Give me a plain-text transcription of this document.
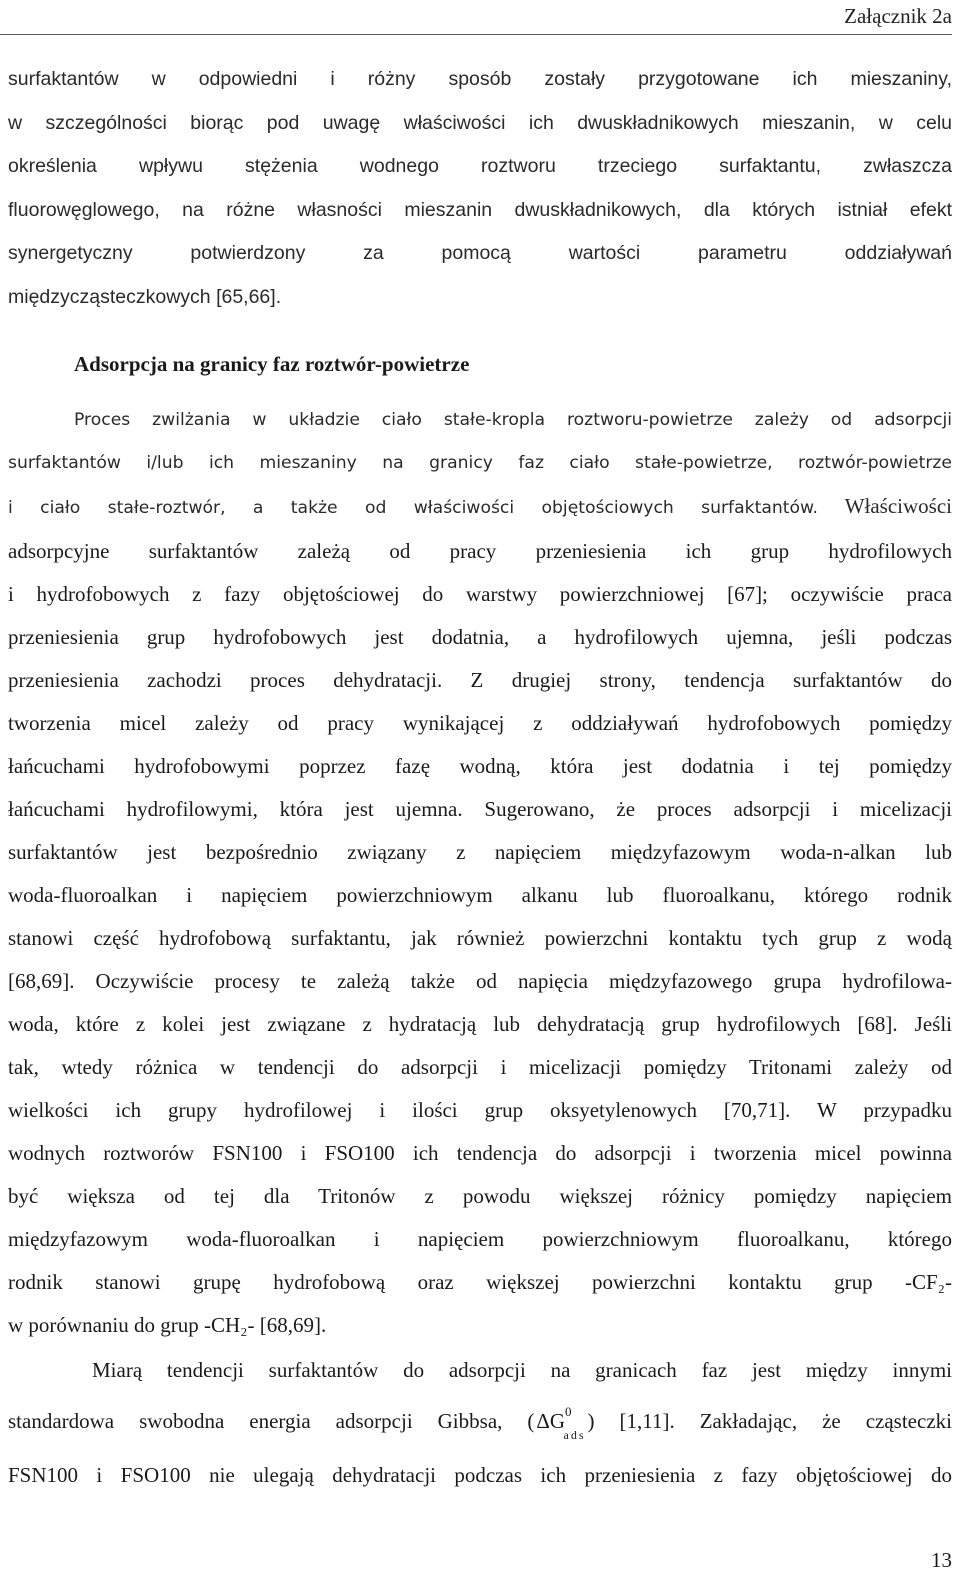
Załącznik 2a
surfaktantów w odpowiedni i różny sposób zostały przygotowane ich mieszaniny,
w szczególności biorąc pod uwagę właściwości ich dwuskładnikowych mieszanin, w celu
określenia wpływu stężenia wodnego roztworu trzeciego surfaktantu, zwłaszcza
fluorowęglowego, na różne własności mieszanin dwuskładnikowych, dla których istniał efekt
synergetyczny potwierdzony za pomocą wartości parametru oddziaływań
międzycząsteczkowych [65,66].
Adsorpcja na granicy faz roztwór-powietrze
Proces zwilżania w układzie ciało stałe-kropla roztworu-powietrze zależy od adsorpcji
surfaktantów i/lub ich mieszaniny na granicy faz ciało stałe-powietrze, roztwór-powietrze
i ciało stałe-roztwór, a także od właściwości objętościowych surfaktantów. Właściwości
adsorpcyjne surfaktantów zależą od pracy przeniesienia ich grup hydrofilowych
i hydrofobowych z fazy objętościowej do warstwy powierzchniowej [67]; oczywiście praca
przeniesienia grup hydrofobowych jest dodatnia, a hydrofilowych ujemna, jeśli podczas
przeniesienia zachodzi proces dehydratacji. Z drugiej strony, tendencja surfaktantów do
tworzenia micel zależy od pracy wynikającej z oddziaływań hydrofobowych pomiędzy
łańcuchami hydrofobowymi poprzez fazę wodną, która jest dodatnia i tej pomiędzy
łańcuchami hydrofilowymi, która jest ujemna. Sugerowano, że proces adsorpcji i micelizacji
surfaktantów jest bezpośrednio związany z napięciem międzyfazowym woda-n-alkan lub
woda-fluoroalkan i napięciem powierzchniowym alkanu lub fluoroalkanu, którego rodnik
stanowi część hydrofobową surfaktantu, jak również powierzchni kontaktu tych grup z wodą
[68,69]. Oczywiście procesy te zależą także od napięcia międzyfazowego grupa hydrofilowa-
woda, które z kolei jest związane z hydratacją lub dehydratacją grup hydrofilowych [68]. Jeśli
tak, wtedy różnica w tendencji do adsorpcji i micelizacji pomiędzy Tritonami zależy od
wielkości ich grupy hydrofilowej i ilości grup oksyetylenowych [70,71]. W przypadku
wodnych roztworów FSN100 i FSO100 ich tendencja do adsorpcji i tworzenia micel powinna
być większa od tej dla Tritonów z powodu większej różnicy pomiędzy napięciem
międzyfazowym woda-fluoroalkan i napięciem powierzchniowym fluoroalkanu, którego
rodnik stanowi grupę hydrofobową oraz większej powierzchni kontaktu grup -CF₂-
w porównaniu do grup -CH₂- [68,69].
Miarą tendencji surfaktantów do adsorpcji na granicach faz jest między innymi
standardowa swobodna energia adsorpcji Gibbsa, $(\Delta G^0_{ads})$ [1,11]. Zakładając, że cząsteczki
FSN100 i FSO100 nie ulegają dehydratacji podczas ich przeniesienia z fazy objętościowej do
13
